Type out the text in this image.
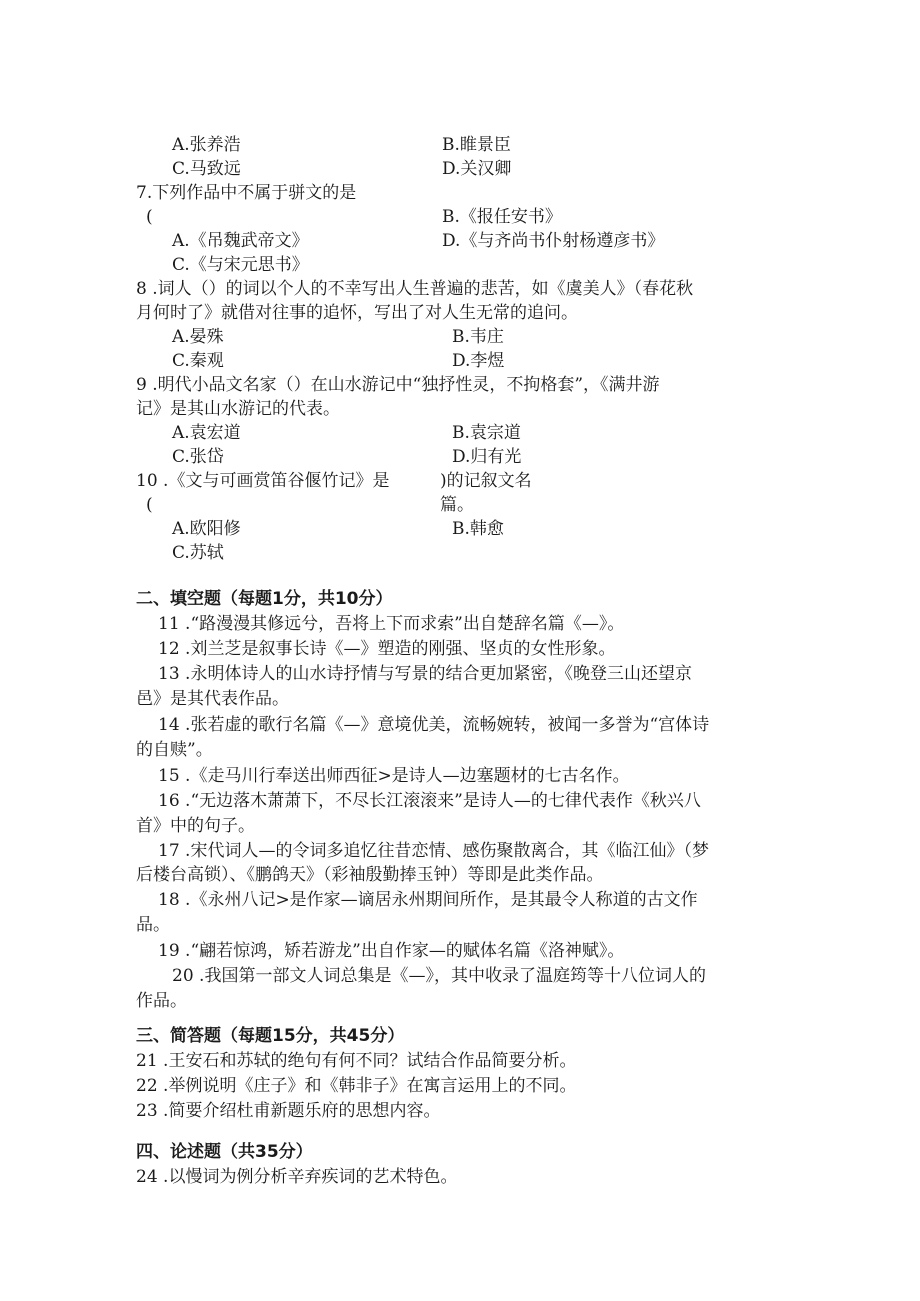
A.张养浩	B.睢景臣
C.马致远	D.关汉卿
7.下列作品中不属于骈文的是
(	B.《报任安书》
A.《吊魏武帝文》	D.《与齐尚书仆射杨遵彦书》
C.《与宋元思书》
8 .词人（）的词以个人的不幸写出人生普遍的悲苦，如《虞美人》（春花秋
月何时了》就借对往事的追怀，写出了对人生无常的追问。
A.晏殊	B.韦庄
C.秦观	D.李煜
9 .明代小品文名家（）在山水游记中“独抒性灵，不拘格套”，《满井游
记》是其山水游记的代表。
A.袁宏道	B.袁宗道
C.张岱	D.归有光
10 .《文与可画赏笛谷偃竹记》是	)的记叙文名
(	篇。
A.欧阳修	B.韩愈
C.苏轼
二、填空题（每题1分，共10分）
11 .“路漫漫其修远兮，吾将上下而求索”出自楚辞名篇《—》。
12 .刘兰芝是叙事长诗《—》塑造的刚强、坚贞的女性形象。
13 .永明体诗人的山水诗抒情与写景的结合更加紧密，《晚登三山还望京
邑》是其代表作品。
14 .张若虚的歌行名篇《—》意境优美，流畅婉转，被闻一多誉为“宫体诗
的自赎”。
15 .《走马川行奉送出师西征>是诗人—边塞题材的七古名作。
16 .“无边落木萧萧下，不尽长江滚滚来”是诗人—的七律代表作《秋兴八
首》中的句子。
17 .宋代词人—的令词多追忆往昔恋情、感伤聚散离合，其《临江仙》（梦
后楼台高锁）、《鹏鸽天》（彩袖殷勤捧玉钟）等即是此类作品。
18 .《永州八记>是作家—谪居永州期间所作，是其最令人称道的古文作
品。
19 .“翩若惊鸿，矫若游龙”出自作家—的赋体名篇《洛神赋》。
20 .我国第一部文人词总集是《—》，其中收录了温庭筠等十八位词人的
作品。
三、简答题（每题15分，共45分）
21 .王安石和苏轼的绝句有何不同？试结合作品简要分析。
22 .举例说明《庄子》和《韩非子》在寓言运用上的不同。
23 .简要介绍杜甫新题乐府的思想内容。
四、论述题（共35分）
24 .以慢词为例分析辛弃疾词的艺术特色。
